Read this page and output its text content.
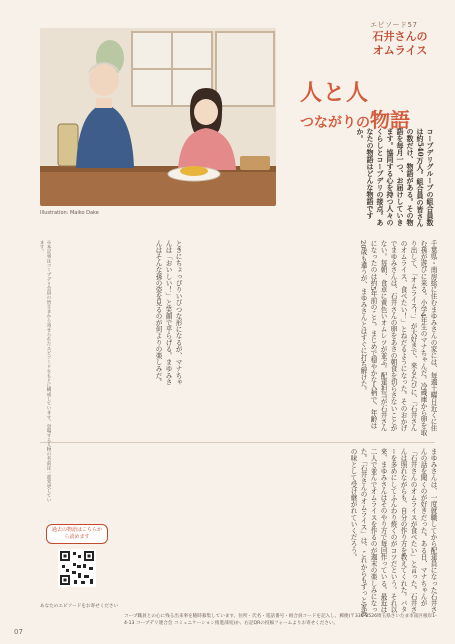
Illustration: Maiko Dake
エピソード57
石井さんの
オムライス
人と人
つながりの物語
コープデリグループの組合員数は約540万人。組合員の皆さんの数だけ、物語がある。その物語を毎月一つ、お届けしていきます。協同する心を持つ人々のくらしとコープデリの接点。あなたの物語はどんな物語ですか。
千葉県・南房総に住むまゆみさんの家には、毎週土曜日近くに住む孫が遊びに来る。小学4年生のマナちゃんだ。冷蔵庫から卵を取り出して、「オムライス！」が大好きで、来るたびに、「石井さんのオムライス、食べたい！」とねだるようになった。そのおかげでまゆみさんは、石井さんの卵をあさの朝食を切らさないことがない。毎朝、食卓に黄色いオムレツが並ぶ。配達担当が石井さんになったのは約5年前のこと。まじめで穏やかな人柄で、年齢は20歳も違うが、まゆみさんとはすぐに打ち解けた。
ときにちょっぴりいびつな形になるが、マナちゃんは「おいしい！」と笑顔で平らげる。まゆみさんはそんな孫の姿を見るのが何よりの楽しみだ。
まゆみさんは、一度就職してから配達員になった石井さんの話を聞くのが好きだった。ある日、マナちゃんが「石井さんのオムライスが食べたい」と言った。石井さんは照れながらも、自分の作り方を教えてくれた。バターを多めにしてふんわり焼くのがコツだという。それ以来、まゆみさんはそのやり方で毎回作っている。最近は二人で並んでオムライスを作るのが週末の楽しみになった。「石井さんのオムライス」は、これからもずっと家族の味として受け継がれていくだろう。
※本記事はコープデリ会員の皆さまから寄せられたエピソードをもとに構成しています。登場する人物の名前は一部変更しています。
過去の物語はこちらから読めます
あなたのエピソードをお寄せください
コープ職員との心に残る出来事を随時募集しています。住所・氏名・電話番号・組合員コードを記入し、郵便(〒336-8526埼玉県さいたま市南区根岸1-4-13 コープデリ連合会 コミュニケーション推進部宛)か、右記QRの投稿フォームよりお寄せください。
07
